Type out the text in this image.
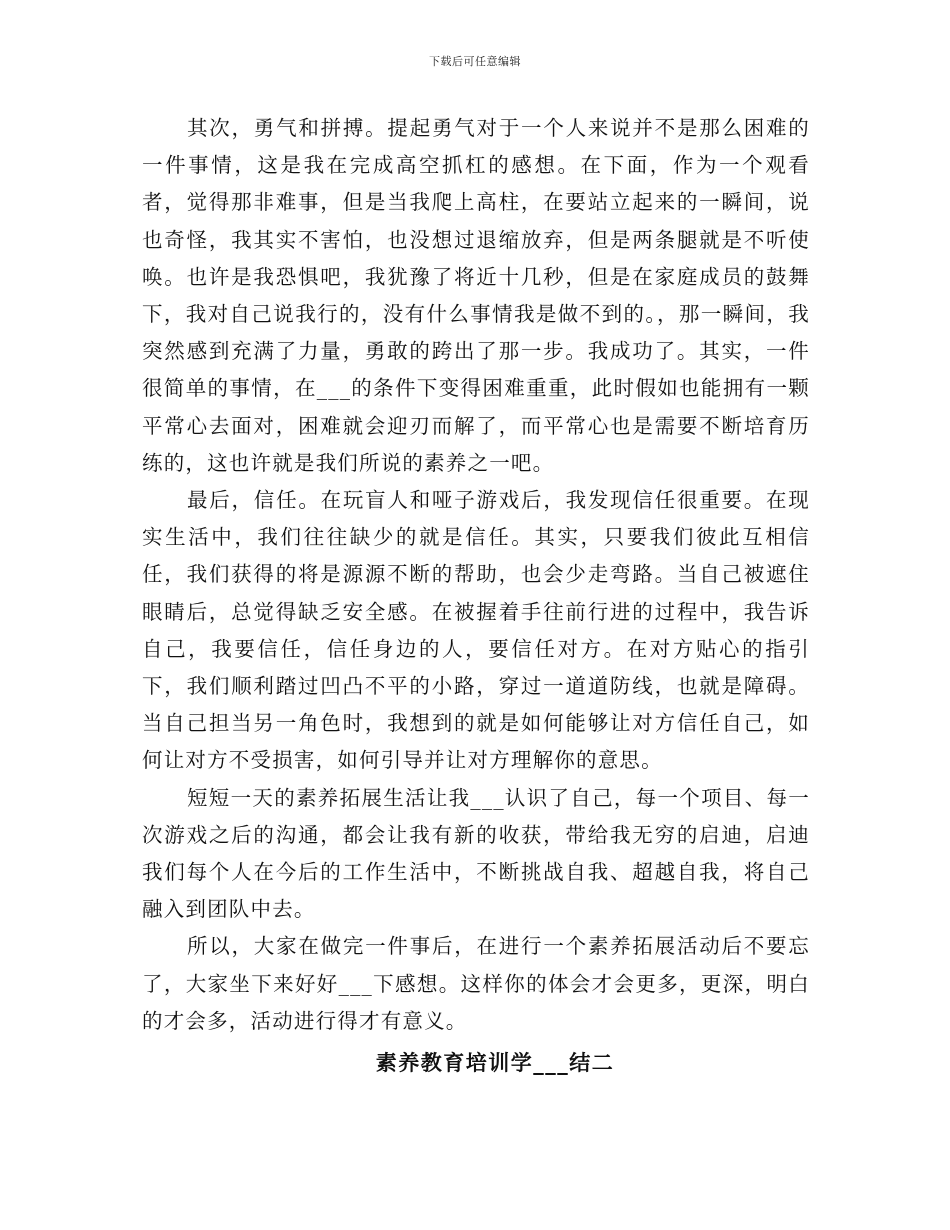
下载后可任意编辑

其次，勇气和拼搏。提起勇气对于一个人来说并不是那么困难的一件事情，这是我在完成高空抓杠的感想。在下面，作为一个观看者，觉得那非难事，但是当我爬上高柱，在要站立起来的一瞬间，说也奇怪，我其实不害怕，也没想过退缩放弃，但是两条腿就是不听使唤。也许是我恐惧吧，我犹豫了将近十几秒，但是在家庭成员的鼓舞下，我对自己说我行的，没有什么事情我是做不到的。，那一瞬间，我突然感到充满了力量，勇敢的跨出了那一步。我成功了。其实，一件很简单的事情，在___的条件下变得困难重重，此时假如也能拥有一颗平常心去面对，困难就会迎刃而解了，而平常心也是需要不断培育历练的，这也许就是我们所说的素养之一吧。

最后，信任。在玩盲人和哑子游戏后，我发现信任很重要。在现实生活中，我们往往缺少的就是信任。其实，只要我们彼此互相信任，我们获得的将是源源不断的帮助，也会少走弯路。当自己被遮住眼睛后，总觉得缺乏安全感。在被握着手往前行进的过程中，我告诉自己，我要信任，信任身边的人，要信任对方。在对方贴心的指引下，我们顺利踏过凹凸不平的小路，穿过一道道防线，也就是障碍。当自己担当另一角色时，我想到的就是如何能够让对方信任自己，如何让对方不受损害，如何引导并让对方理解你的意思。

短短一天的素养拓展生活让我___认识了自己，每一个项目、每一次游戏之后的沟通，都会让我有新的收获，带给我无穷的启迪，启迪我们每个人在今后的工作生活中，不断挑战自我、超越自我，将自己融入到团队中去。

所以，大家在做完一件事后，在进行一个素养拓展活动后不要忘了，大家坐下来好好___下感想。这样你的体会才会更多，更深，明白的才会多，活动进行得才有意义。

素养教育培训学___结二
